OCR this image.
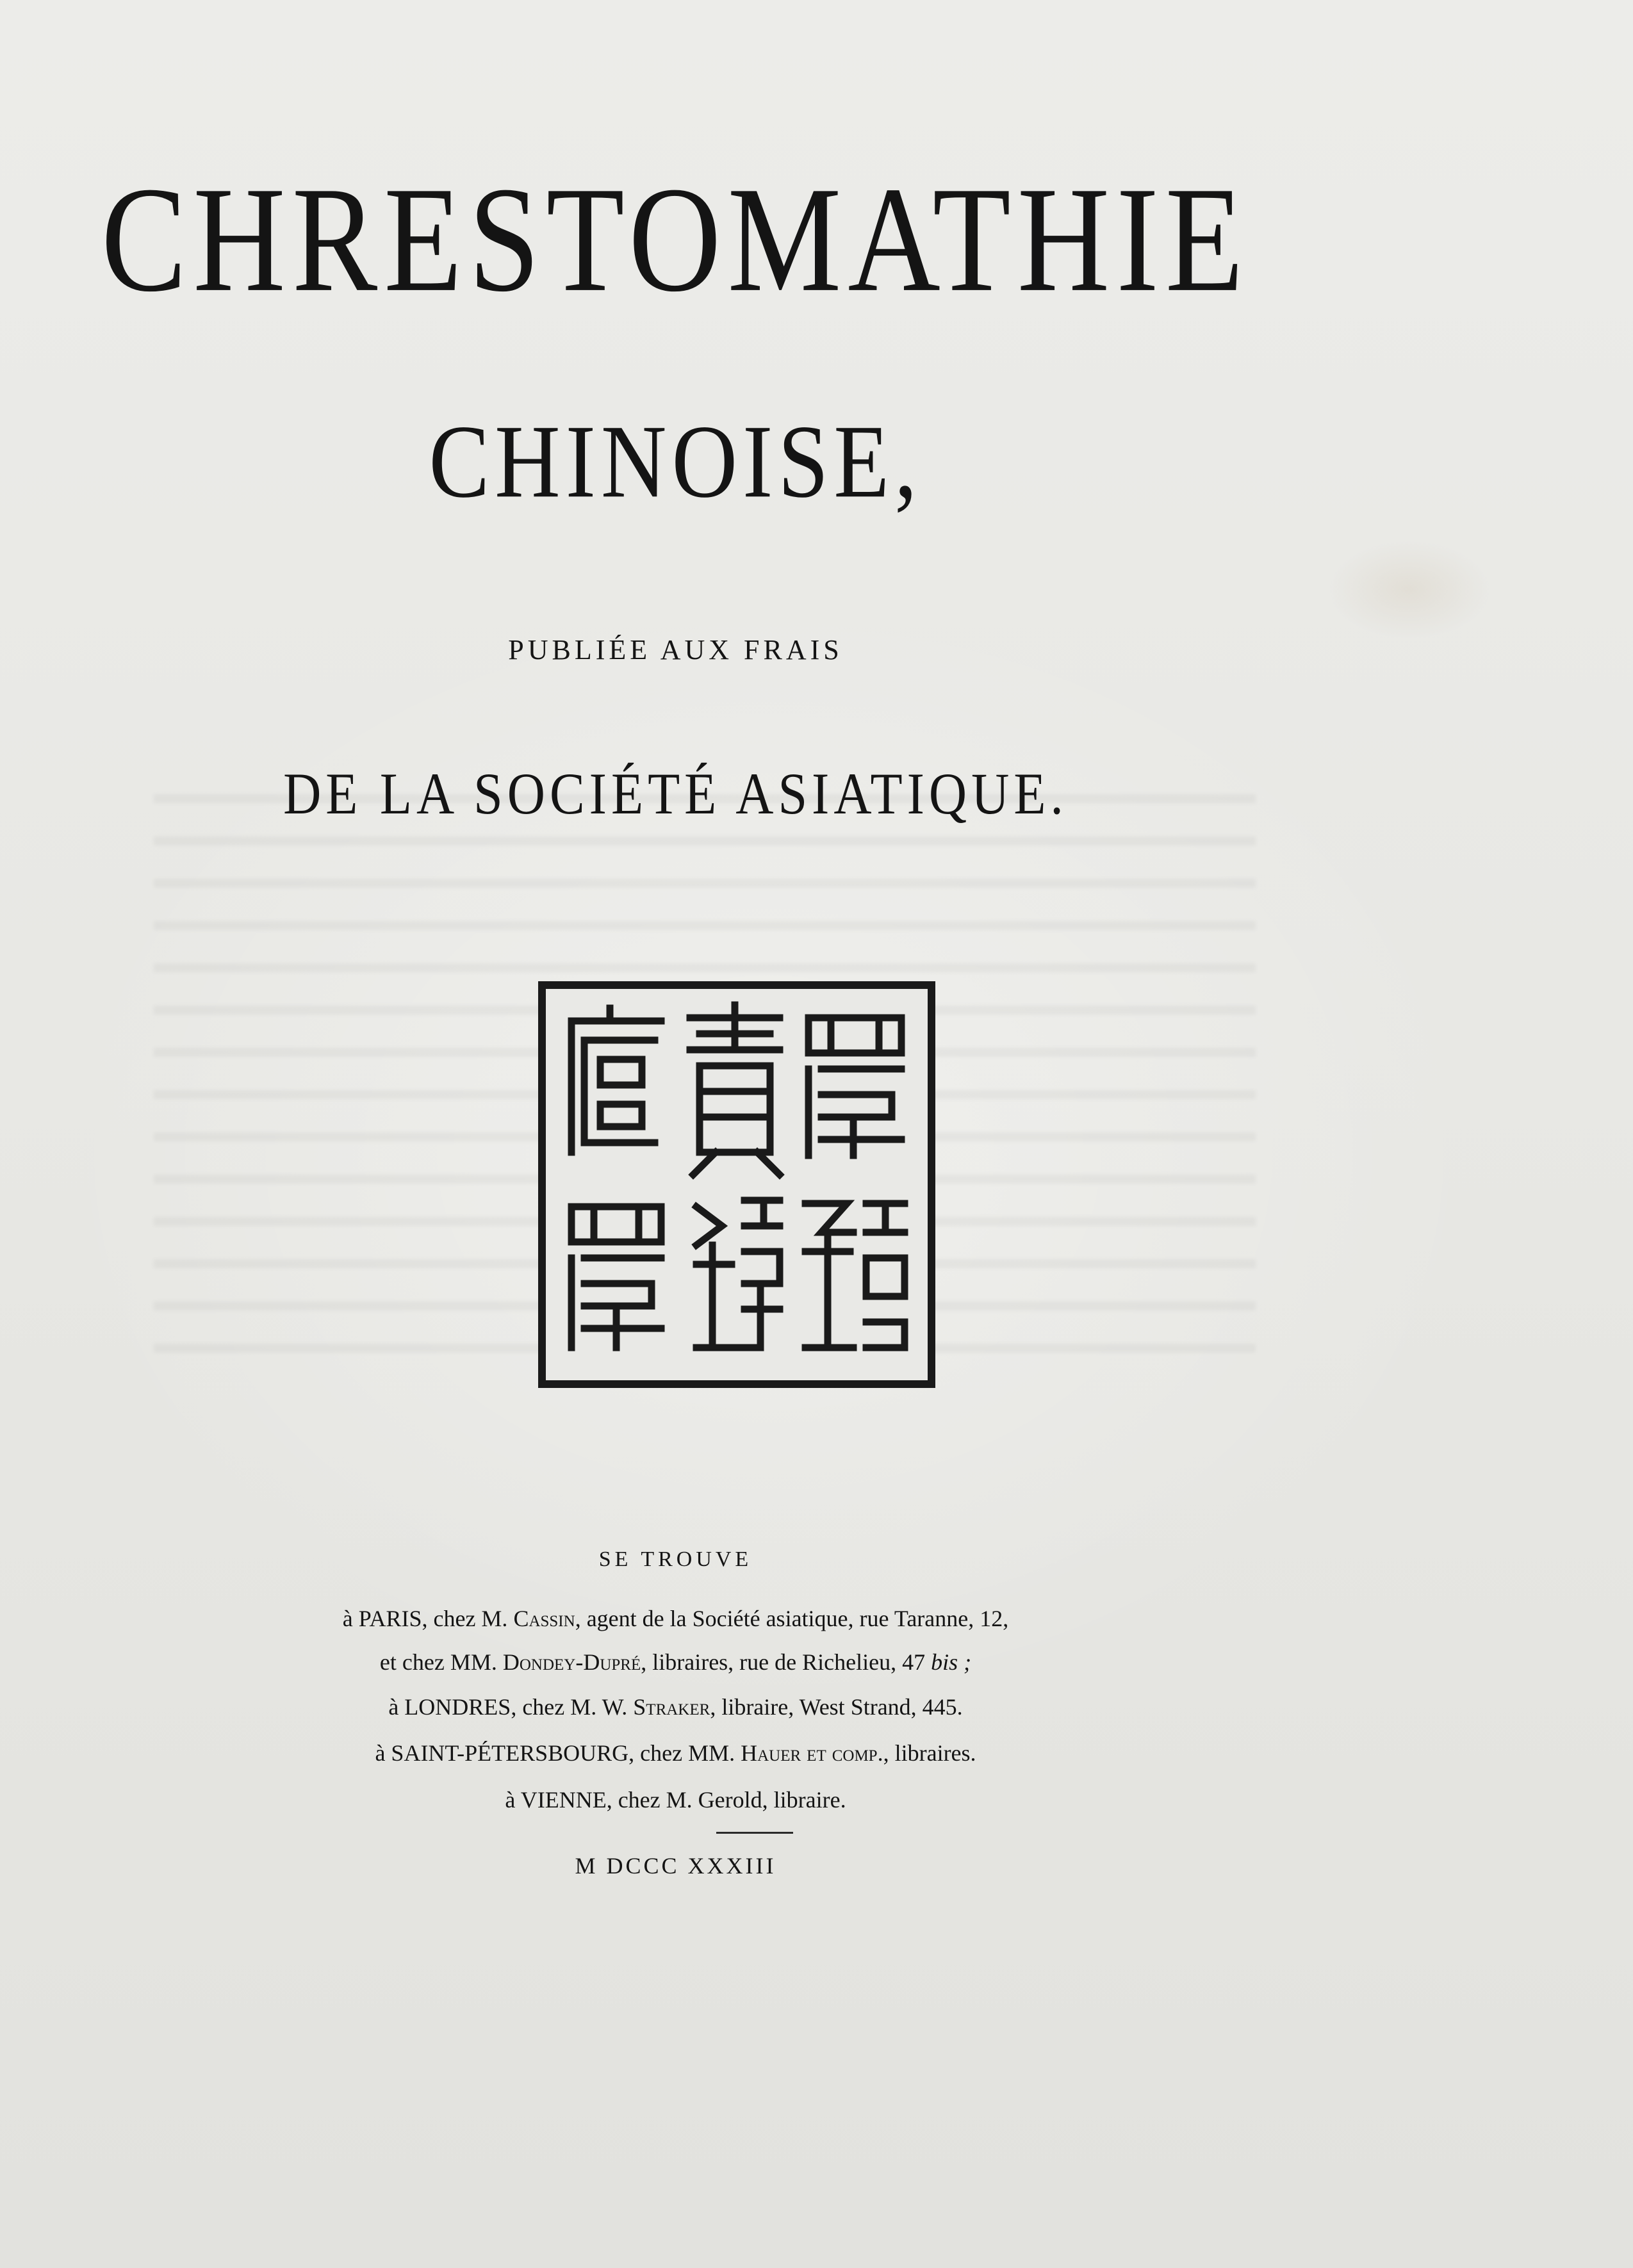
CHRESTOMATHIE
CHINOISE,

PUBLIÉE AUX FRAIS

DE LA SOCIÉTÉ ASIATIQUE.

SE TROUVE

à PARIS, chez M. Cassin, agent de la Société asiatique, rue Taranne, 12,

et chez MM. Dondey-Dupré, libraires, rue de Richelieu, 47 bis ;

à LONDRES, chez M. W. Straker, libraire, West Strand, 445.

à SAINT-PÉTERSBOURG, chez MM. Hauer et comp., libraires.

à VIENNE, chez M. Gerold, libraire.

M DCCC XXXIII
